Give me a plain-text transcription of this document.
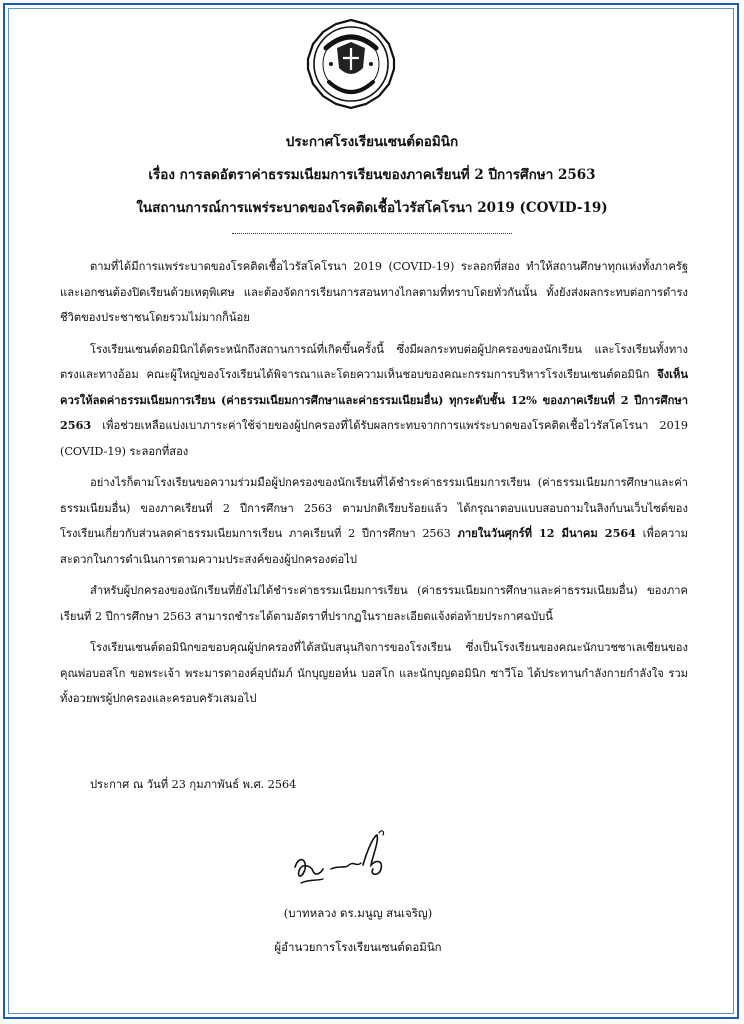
ประกาศโรงเรียนเซนต์ดอมินิก
เรื่อง การลดอัตราค่าธรรมเนียมการเรียนของภาคเรียนที่ 2 ปีการศึกษา 2563
ในสถานการณ์การแพร่ระบาดของโรคติดเชื้อไวรัสโคโรนา 2019 (COVID-19)

ตามที่ได้มีการแพร่ระบาดของโรคติดเชื้อไวรัสโคโรนา 2019 (COVID-19) ระลอกที่สอง ทำให้สถานศึกษาทุกแห่งทั้งภาครัฐและเอกชนต้องปิดเรียนด้วยเหตุพิเศษ และต้องจัดการเรียนการสอนทางไกลตามที่ทราบโดยทั่วกันนั้น ทั้งยังส่งผลกระทบต่อการดำรงชีวิตของประชาชนโดยรวมไม่มากก็น้อย

โรงเรียนเซนต์ดอมินิกได้ตระหนักถึงสถานการณ์ที่เกิดขึ้นครั้งนี้ ซึ่งมีผลกระทบต่อผู้ปกครองของนักเรียน และโรงเรียนทั้งทางตรงและทางอ้อม คณะผู้ใหญ่ของโรงเรียนได้พิจารณาและโดยความเห็นชอบของคณะกรรมการบริหารโรงเรียนเซนต์ดอมินิก จึงเห็นควรให้ลดค่าธรรมเนียมการเรียน (ค่าธรรมเนียมการศึกษาและค่าธรรมเนียมอื่น) ทุกระดับชั้น 12% ของภาคเรียนที่ 2 ปีการศึกษา 2563 เพื่อช่วยเหลือแบ่งเบาภาระค่าใช้จ่ายของผู้ปกครองที่ได้รับผลกระทบจากการแพร่ระบาดของโรคติดเชื้อไวรัสโคโรนา 2019 (COVID-19) ระลอกที่สอง

อย่างไรก็ตามโรงเรียนขอความร่วมมือผู้ปกครองของนักเรียนที่ได้ชำระค่าธรรมเนียมการเรียน (ค่าธรรมเนียมการศึกษาและค่าธรรมเนียมอื่น) ของภาคเรียนที่ 2 ปีการศึกษา 2563 ตามปกติเรียบร้อยแล้ว ได้กรุณาตอบแบบสอบถามในลิงก์บนเว็บไซต์ของโรงเรียนเกี่ยวกับส่วนลดค่าธรรมเนียมการเรียน ภาคเรียนที่ 2 ปีการศึกษา 2563 ภายในวันศุกร์ที่ 12 มีนาคม 2564 เพื่อความสะดวกในการดำเนินการตามความประสงค์ของผู้ปกครองต่อไป

สำหรับผู้ปกครองของนักเรียนที่ยังไม่ได้ชำระค่าธรรมเนียมการเรียน (ค่าธรรมเนียมการศึกษาและค่าธรรมเนียมอื่น) ของภาคเรียนที่ 2 ปีการศึกษา 2563 สามารถชำระได้ตามอัตราที่ปรากฏในรายละเอียดแจ้งต่อท้ายประกาศฉบับนี้

โรงเรียนเซนต์ดอมินิกขอขอบคุณผู้ปกครองที่ได้สนับสนุนกิจการของโรงเรียน ซึ่งเป็นโรงเรียนของคณะนักบวชซาเลเซียนของคุณพ่อบอสโก ขอพระเจ้า พระมารดาองค์อุปถัมภ์ นักบุญยอห์น บอสโก และนักบุญดอมินิก ซาวีโอ ได้ประทานกำลังกายกำลังใจ รวมทั้งอวยพรผู้ปกครองและครอบครัวเสมอไป

ประกาศ ณ วันที่ 23 กุมภาพันธ์ พ.ศ. 2564
(บาทหลวง ดร.มนูญ สนเจริญ)
ผู้อำนวยการโรงเรียนเซนต์ดอมินิก
